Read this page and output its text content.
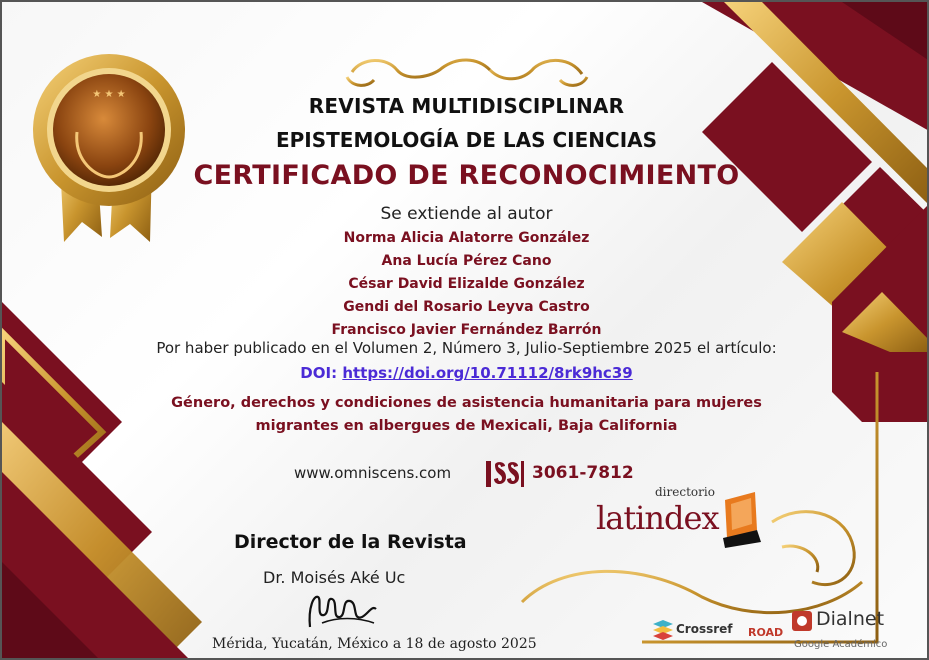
★ ★ ★	REVISTA MULTIDISCIPLINAR
EPISTEMOLOGÍA DE LAS CIENCIAS
CERTIFICADO DE RECONOCIMIENTO
Se extiende al autor
Norma Alicia Alatorre González
Ana Lucía Pérez Cano
César David Elizalde González
Gendi del Rosario Leyva Castro
Francisco Javier Fernández Barrón
Por haber publicado en el Volumen 2, Número 3, Julio-Septiembre 2025 el artículo:
DOI: https://doi.org/10.71112/8rk9hc39
Género, derechos y condiciones de asistencia humanitaria para mujeres
migrantes en albergues de Mexicali, Baja California
www.omniscens.com	3061-7812
Director de la Revista
Dr. Moisés Aké Uc
Mérida, Yucatán, México a 18 de agosto 2025
directorio
latindex
Crossref ROAD
Dialnet
Google Académico
